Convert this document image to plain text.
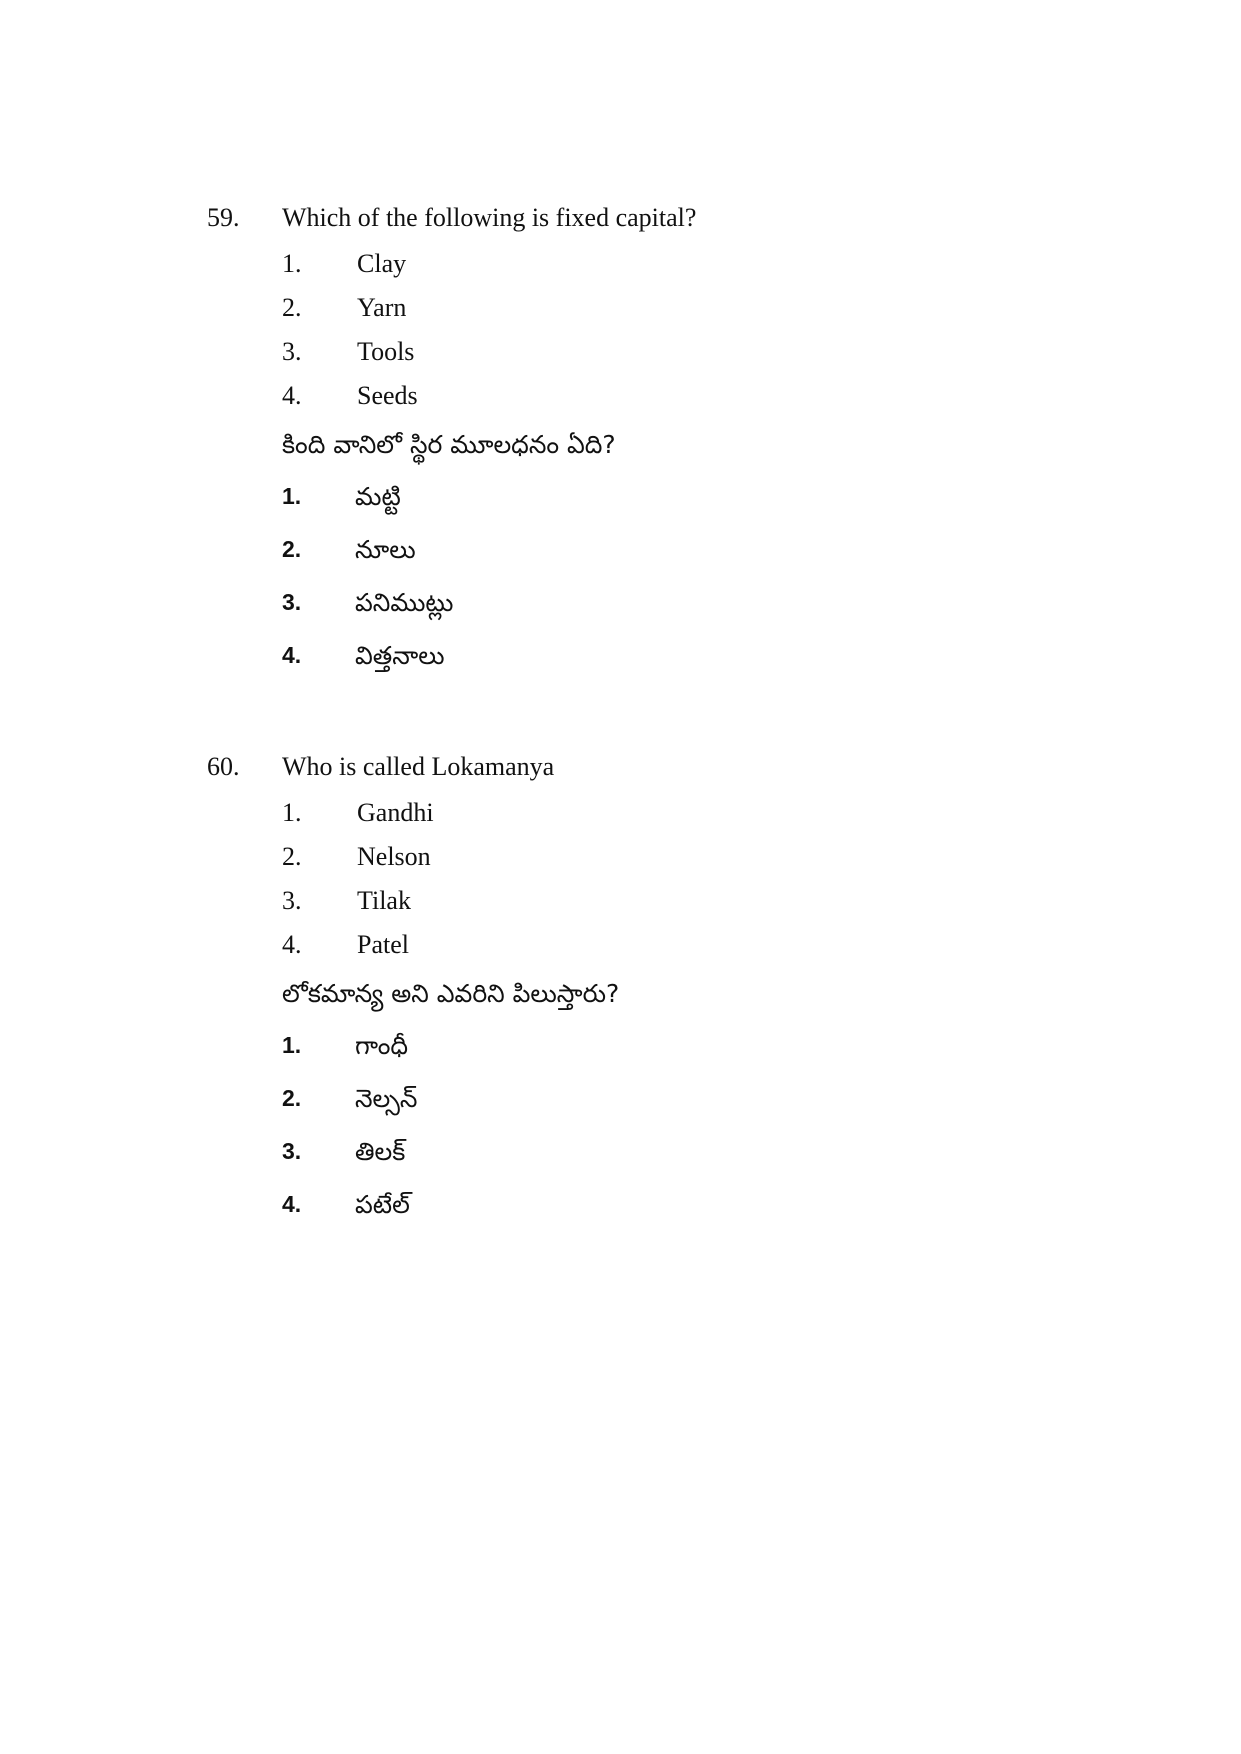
59. Which of the following is fixed capital?
1. Clay
2. Yarn
3. Tools
4. Seeds
కింది వానిలో స్థిర మూలధనం ఏది?
1. మట్టి
2. నూలు
3. పనిముట్లు
4. విత్తనాలు
60. Who is called Lokamanya
1. Gandhi
2. Nelson
3. Tilak
4. Patel
లోకమాన్య అని ఎవరిని పిలుస్తారు?
1. గాంధీ
2. నెల్సన్
3. తిలక్
4. పటేల్
